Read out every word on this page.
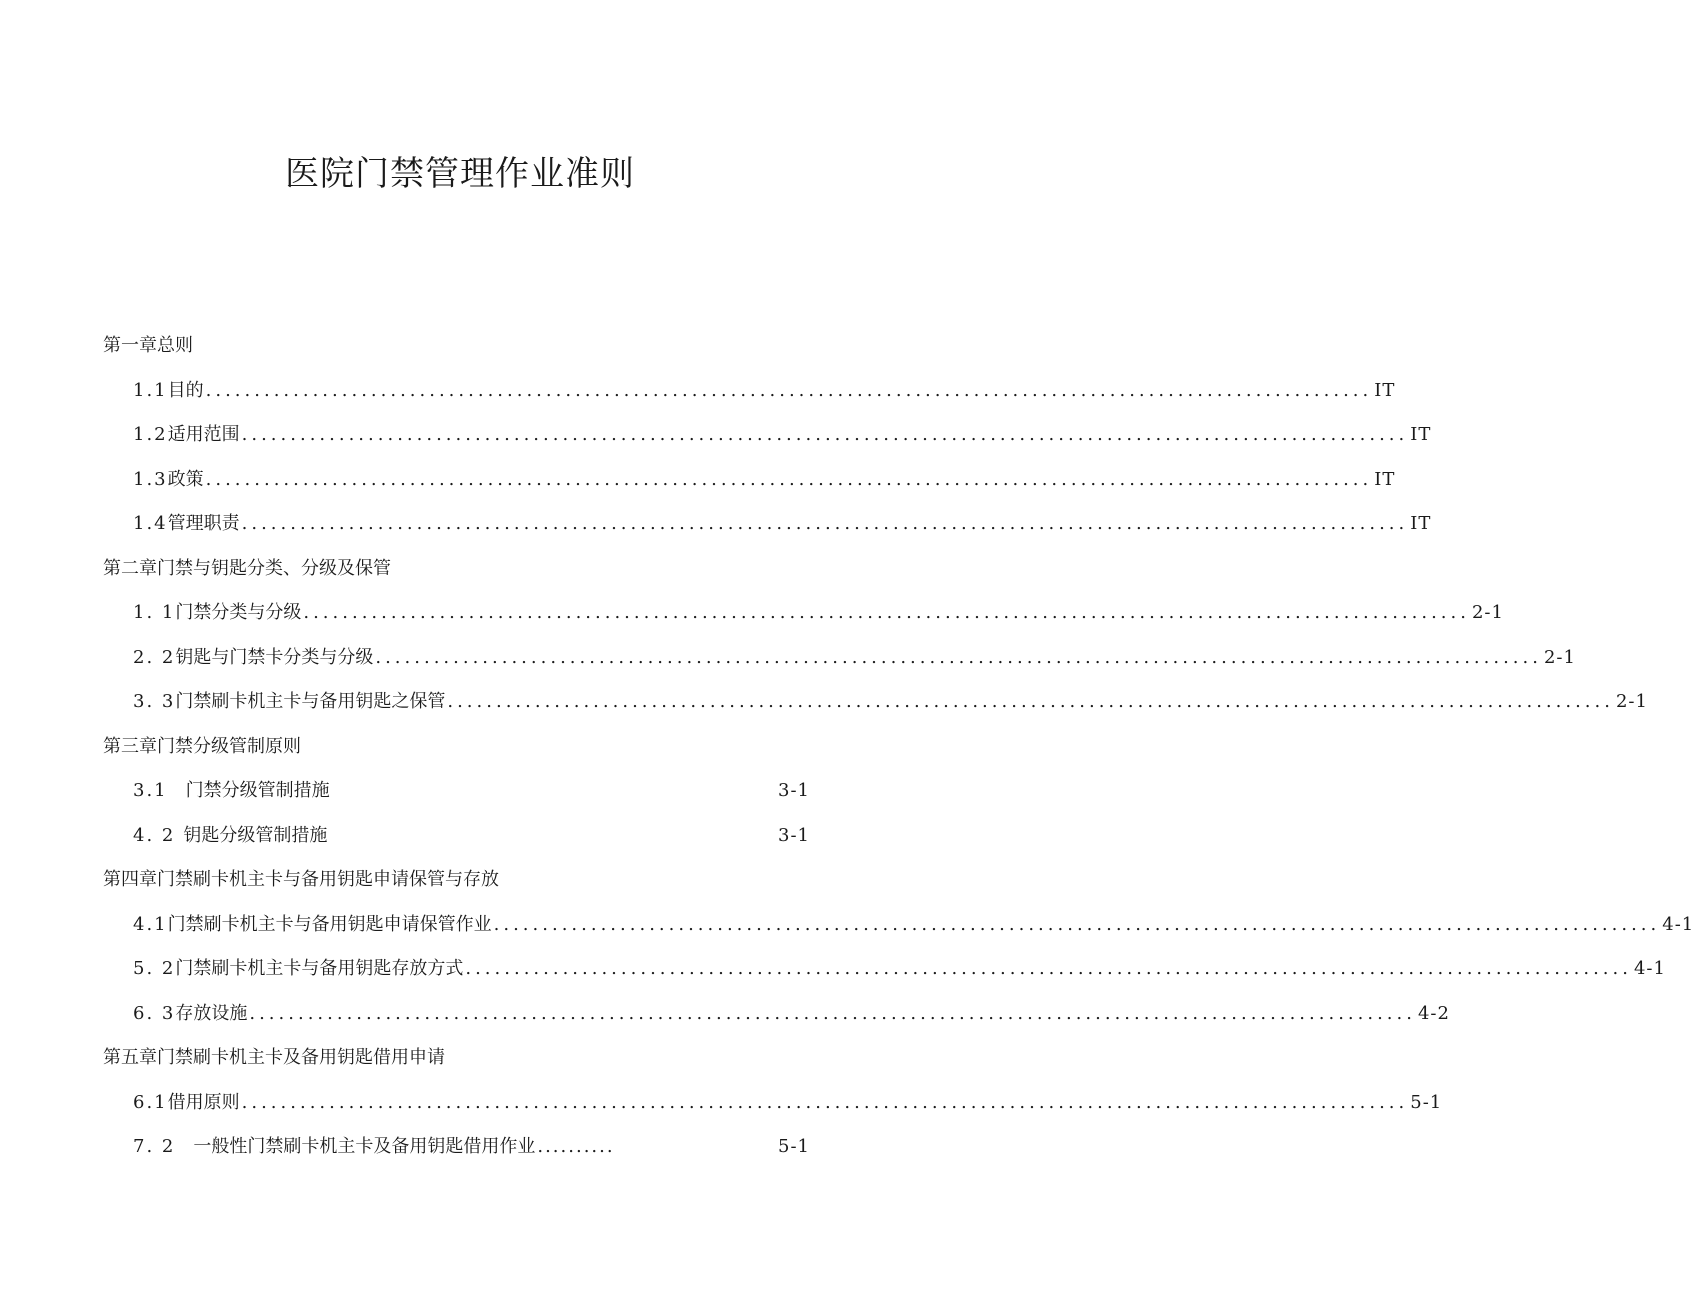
医院门禁管理作业准则
第一章总则
1.1 目的 ........................................................................................................................ IT
1.2 适用范围 ........................................................................................................................ IT
1.3 政策 ........................................................................................................................ IT
1.4 管理职责 ........................................................................................................................ IT
第二章门禁与钥匙分类、分级及保管
1. 1 门禁分类与分级 ........................................................................................................................ 2-1
2. 2 钥匙与门禁卡分类与分级 ........................................................................................................................ 2-1
3. 3 门禁刷卡机主卡与备用钥匙之保管 ........................................................................................................................ 2-1
第三章门禁分级管制原则
3.1 门禁分级管制措施	3-1
4. 2 钥匙分级管制措施	3-1
第四章门禁刷卡机主卡与备用钥匙申请保管与存放
4.1 门禁刷卡机主卡与备用钥匙申请保管作业 ........................................................................................................................ 4-1
5. 2 门禁刷卡机主卡与备用钥匙存放方式 ........................................................................................................................ 4-1
6. 3 存放设施 ........................................................................................................................ 4-2
第五章门禁刷卡机主卡及备用钥匙借用申请
6.1 借用原则 ........................................................................................................................ 5-1
7. 2 一般性门禁刷卡机主卡及备用钥匙借用作业 ..........	5-1
